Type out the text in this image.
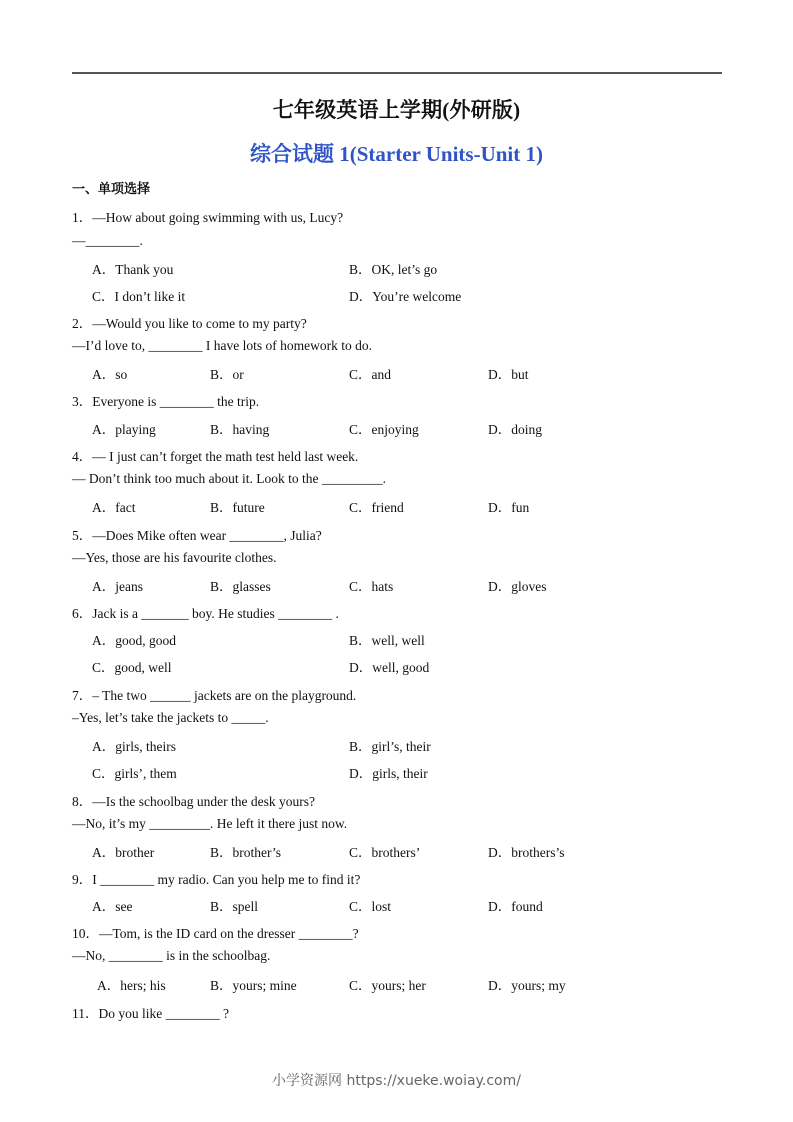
七年级英语上学期(外研版)
综合试题 1(Starter Units-Unit 1)
一、单项选择
1．—How about going swimming with us, Lucy?
—________.
2．—Would you like to come to my party?
—I’d love to, ________ I have lots of homework to do.
3．Everyone is ________ the trip.
4．— I just can’t forget the math test held last week.
— Don’t think too much about it. Look to the _________.
5．—Does Mike often wear ________, Julia?
—Yes, those are his favourite clothes.
6．Jack is a _______ boy. He studies ________ .
7．– The two ______ jackets are on the playground.
–Yes, let’s take the jackets to _____.
8．—Is the schoolbag under the desk yours?
—No, it’s my _________. He left it there just now.
9．I ________ my radio. Can you help me to find it?
10．—Tom, is the ID card on the dresser ________?
—No, ________ is in the schoolbag.
11．Do you like ________ ?
A．Thank you	B．OK, let’s go
C．I don’t like it	D．You’re welcome
A．so	B．or	C．and	D．but
A．playing	B．having	C．enjoying	D．doing
A．fact	B．future	C．friend	D．fun
A．jeans	B．glasses	C．hats	D．gloves
A．good, good	B．well, well
C．good, well	D．well, good
A．girls, theirs	B．girl’s, their
C．girls’, them	D．girls, their
A．brother	B．brother’s	C．brothers’	D．brothers’s
A．see	B．spell	C．lost	D．found
A．hers; his	B．yours; mine	C．yours; her	D．yours; my
小学资源网 https://xueke.woiay.com/
